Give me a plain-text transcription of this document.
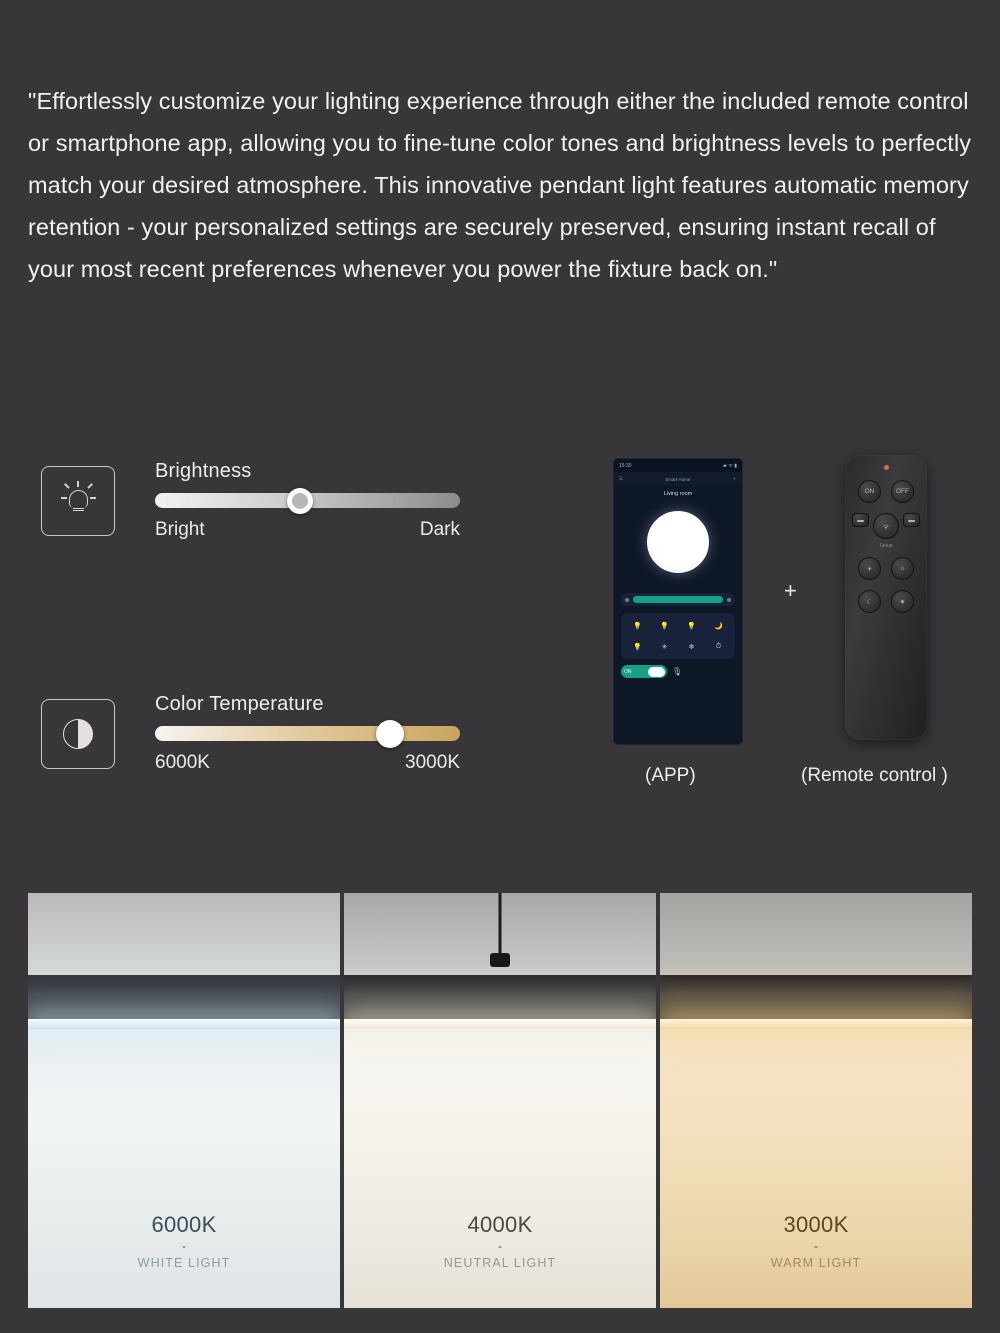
"Effortlessly customize your lighting experience through either the included remote control or smartphone app, allowing you to fine-tune color tones and brightness levels to perfectly match your desired atmosphere. This innovative pendant light features automatic memory retention - your personalized settings are securely preserved, ensuring instant recall of your most recent preferences whenever you power the fixture back on."

Brightness
Bright	Dark
Color Temperature
6000K	3000K
15:30	▰ ᯤ ▮
☰	Smart Home	＋
Living room
💡	💡	💡	🌙
💡	✳	❄	⏱
ON	🎙
(APP)
+
ON	OFF
▬
ᯤ
▬
Setup
☀	☼
☾	✷
(Remote control )
6000K
-
WHITE LIGHT
4000K
-
NEUTRAL LIGHT
3000K
-
WARM LIGHT
